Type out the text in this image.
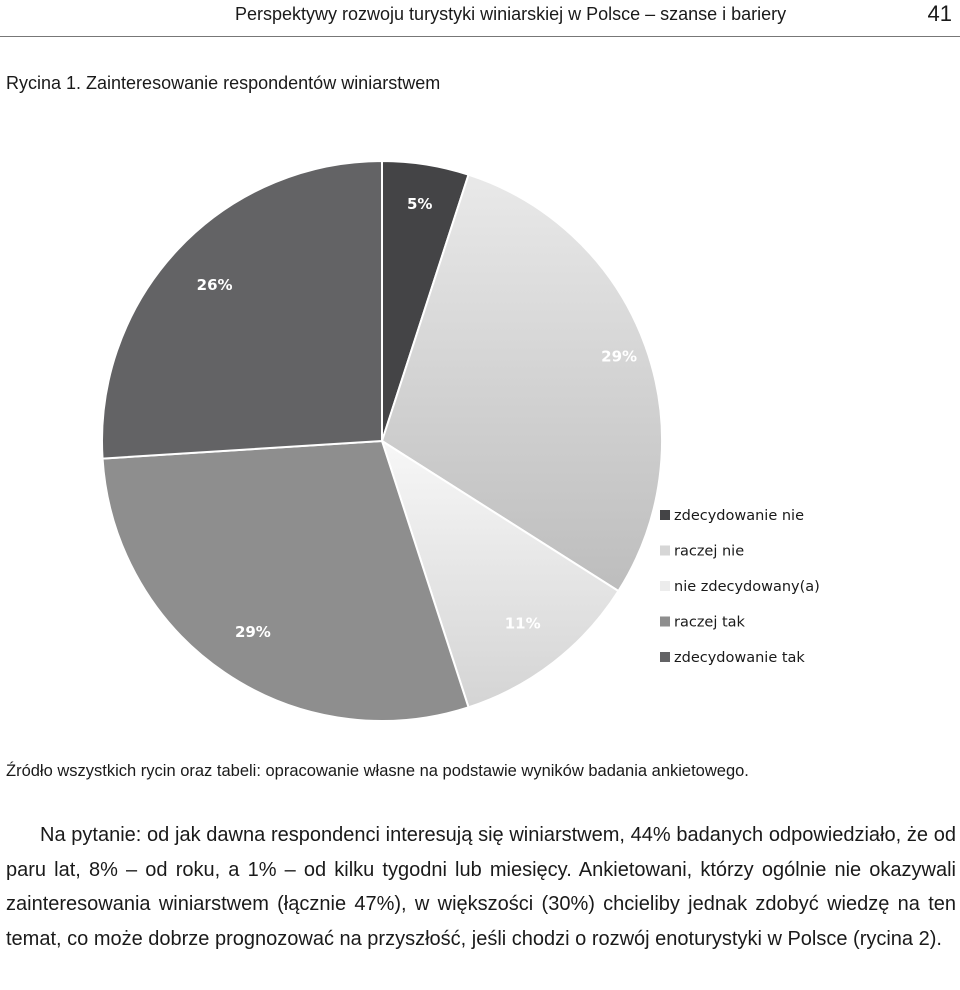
Perspektywy rozwoju turystyki winiarskiej w Polsce – szanse i bariery	41
Rycina 1. Zainteresowanie respondentów winiarstwem
5%
29%
11%
29%
26%
zdecydowanie nie
raczej nie
nie zdecydowany(a)
raczej tak
zdecydowanie tak
Źródło wszystkich rycin oraz tabeli: opracowanie własne na podstawie wyników badania ankietowego.

Na pytanie: od jak dawna respondenci interesują się winiarstwem, 44% badanych odpowiedziało, że od paru lat, 8% – od roku, a 1% – od kilku tygodni lub miesięcy. Ankietowani, którzy ogólnie nie okazywali zainteresowania winiarstwem (łącznie 47%), w większości (30%) chcieliby jednak zdobyć wiedzę na ten temat, co może dobrze prognozować na przyszłość, jeśli chodzi o rozwój enoturystyki w Polsce (rycina 2).
